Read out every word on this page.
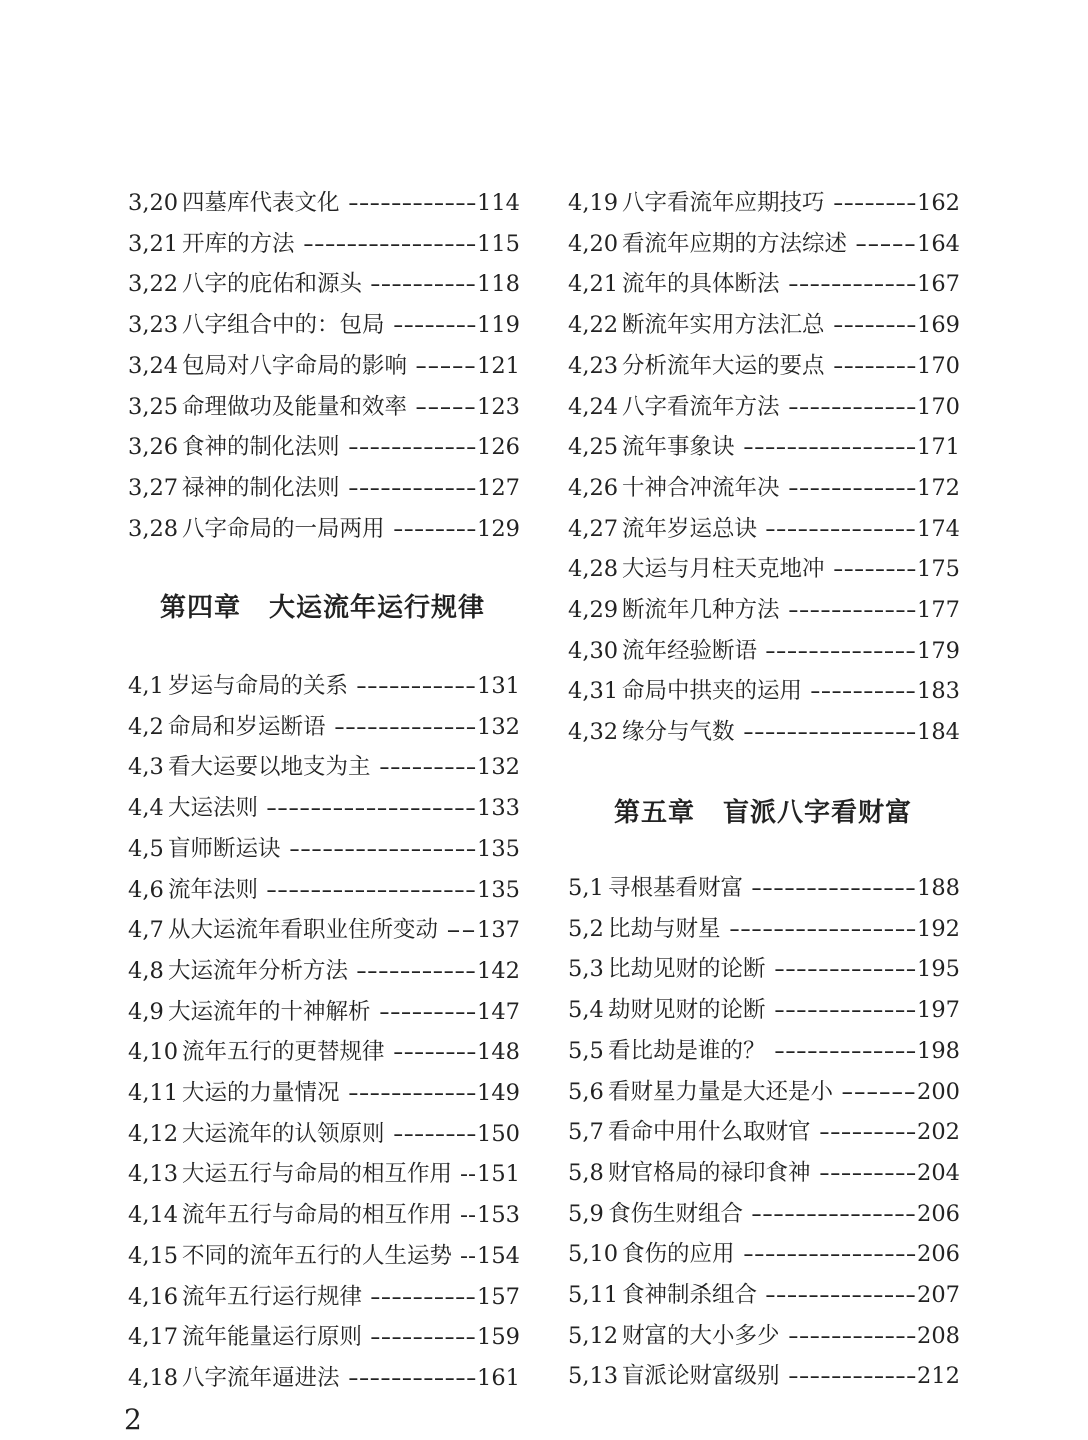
3,20 四墓库代表文化 ------------ 114
3,21 开库的方法 ---------------- 115
3,22 八字的庇佑和源头 ---------- 118
3,23 八字组合中的：包局 -------- 119
3,24 包局对八字命局的影响 ----- 121
3,25 命理做功及能量和效率 ----- 123
3,26 食神的制化法则 ------------ 126
3,27 禄神的制化法则 ------------ 127
3,28 八字命局的一局两用 -------- 129
第四章 大运流年运行规律
4,1 岁运与命局的关系 ----------- 131
4,2 命局和岁运断语 ------------- 132
4,3 看大运要以地支为主 --------- 132
4,4 大运法则 ------------------- 133
4,5 盲师断运诀 ----------------- 135
4,6 流年法则 ------------------- 135
4,7 从大运流年看职业住所变动 -- 137
4,8 大运流年分析方法 ----------- 142
4,9 大运流年的十神解析 --------- 147
4,10 流年五行的更替规律 -------- 148
4,11 大运的力量情况 ------------ 149
4,12 大运流年的认领原则 -------- 150
4,13 大运五行与命局的相互作用 -- 151
4,14 流年五行与命局的相互作用 -- 153
4,15 不同的流年五行的人生运势 -- 154
4,16 流年五行运行规律 ---------- 157
4,17 流年能量运行原则 ---------- 159
4,18 八字流年逼进法 ------------ 161
4,19 八字看流年应期技巧 -------- 162
4,20 看流年应期的方法综述 ----- 164
4,21 流年的具体断法 ------------ 167
4,22 断流年实用方法汇总 -------- 169
4,23 分析流年大运的要点 -------- 170
4,24 八字看流年方法 ------------ 170
4,25 流年事象诀 ---------------- 171
4,26 十神合冲流年决 ------------ 172
4,27 流年岁运总诀 -------------- 174
4,28 大运与月柱天克地冲 -------- 175
4,29 断流年几种方法 ------------ 177
4,30 流年经验断语 -------------- 179
4,31 命局中拱夹的运用 ---------- 183
4,32 缘分与气数 ---------------- 184
第五章 盲派八字看财富
5,1 寻根基看财富 --------------- 188
5,2 比劫与财星 ----------------- 192
5,3 比劫见财的论断 ------------- 195
5,4 劫财见财的论断 ------------- 197
5,5 看比劫是谁的？ ------------- 198
5,6 看财星力量是大还是小 ------ 200
5,7 看命中用什么取财官 --------- 202
5,8 财官格局的禄印食神 --------- 204
5,9 食伤生财组合 --------------- 206
5,10 食伤的应用 ---------------- 206
5,11 食神制杀组合 -------------- 207
5,12 财富的大小多少 ------------ 208
5,13 盲派论财富级别 ------------ 212
2
